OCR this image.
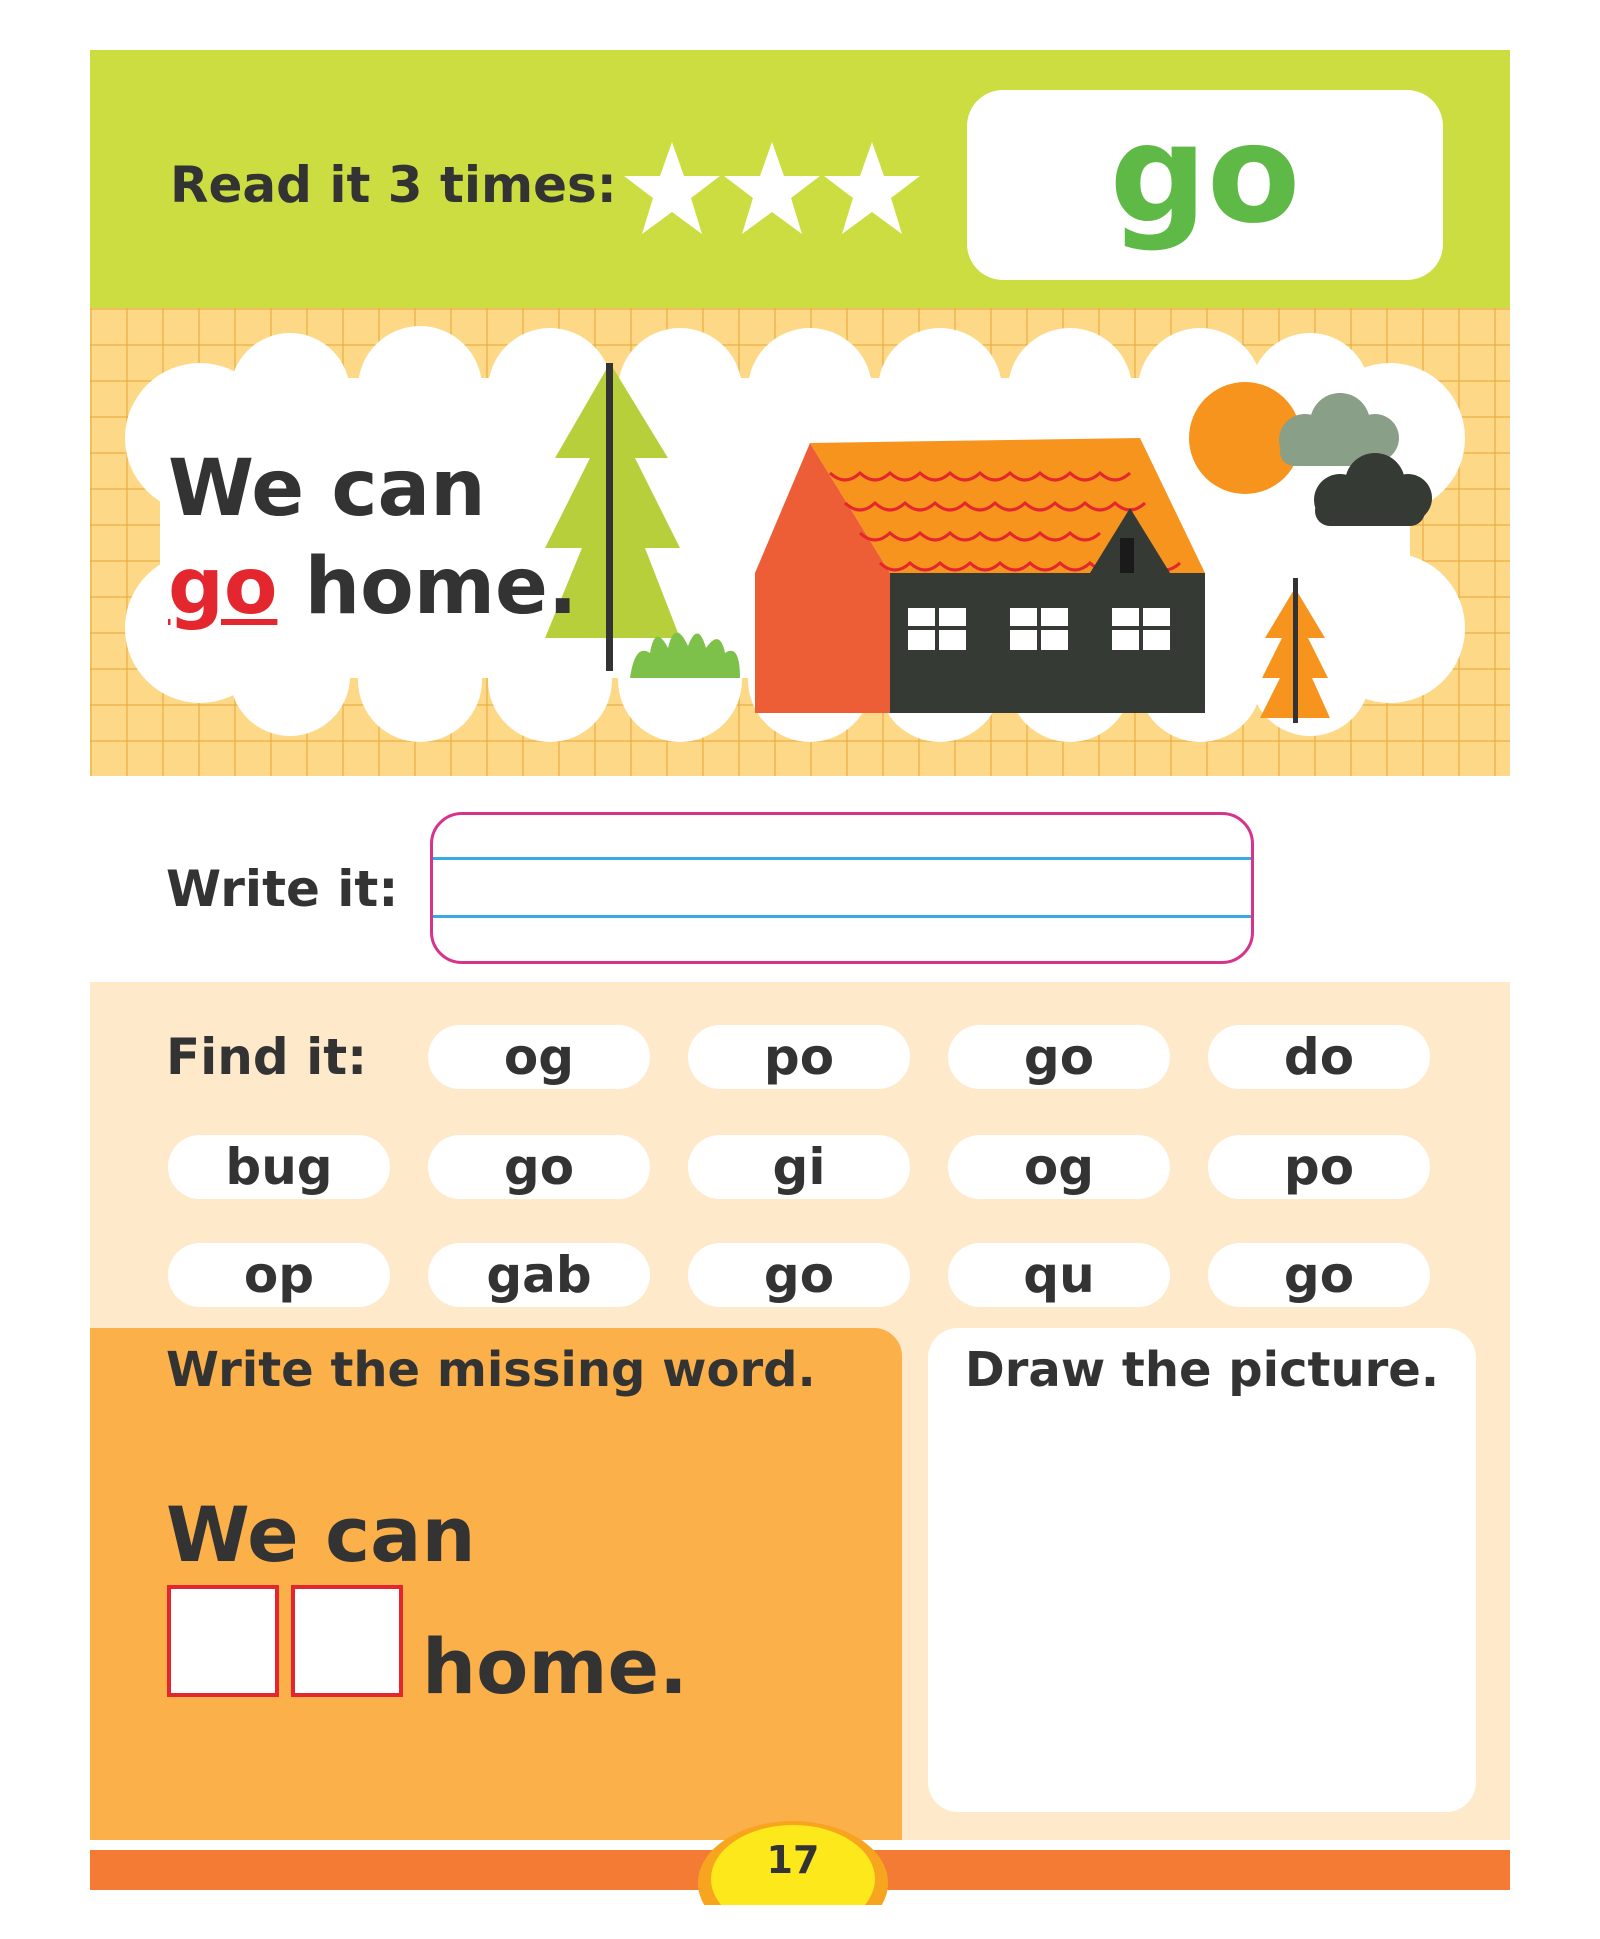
Read it 3 times:	go
We can
go home.
Write it:
Find it:	og	po	go	do
bug	go	gi	og	po
op	gab	go	qu	go
Write the missing word.
We can
home.
Draw the picture.
17
